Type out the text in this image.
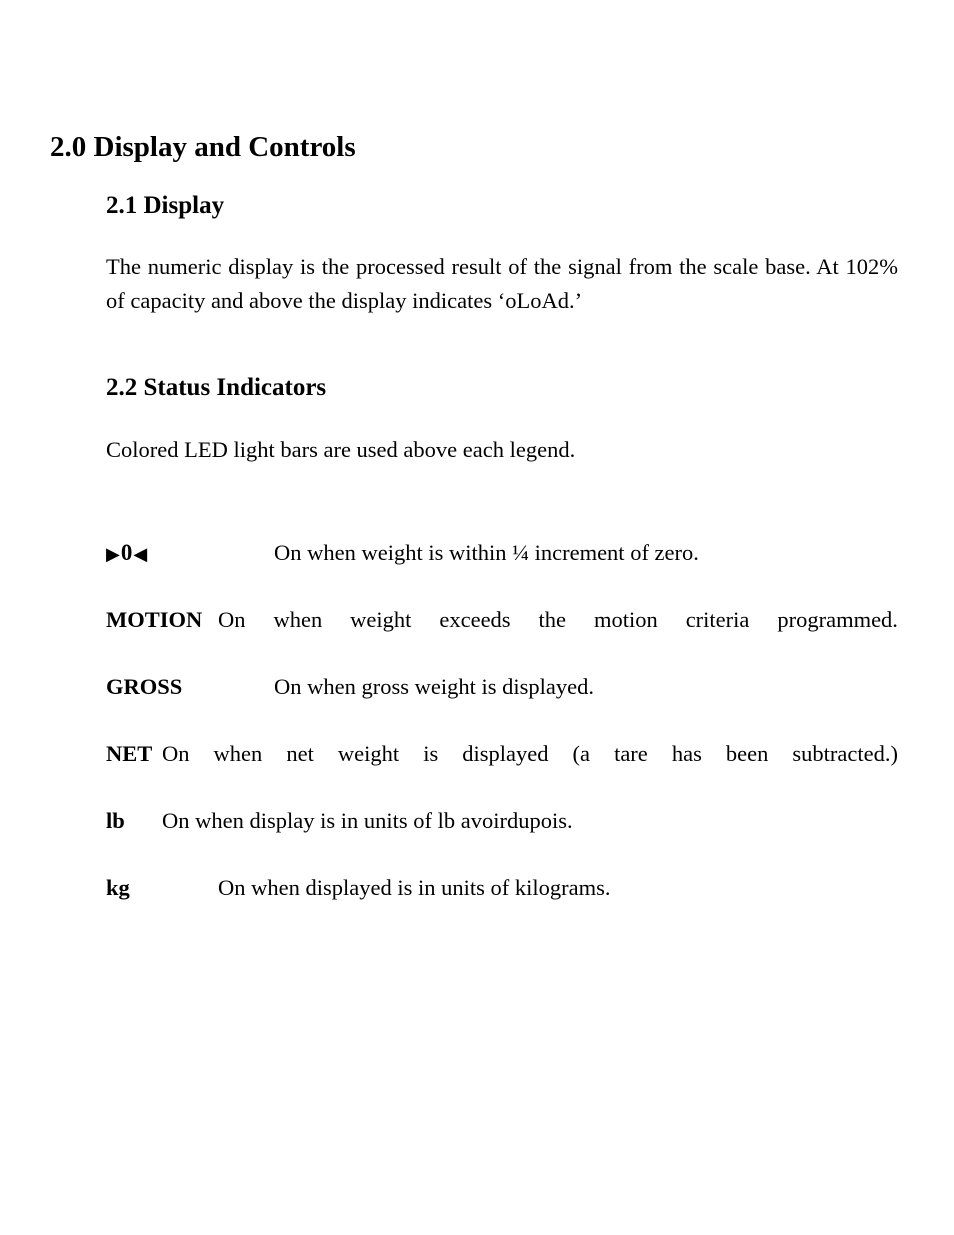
2.0 Display and Controls
2.1 Display
The numeric display is the processed result of the signal from the scale base. At 102% of capacity and above the display indicates ‘oLoAd.’
2.2 Status Indicators
Colored LED light bars are used above each legend.
▶0◀	On when weight is within ¼ increment of zero.
MOTION On when weight exceeds the motion criteria programmed.
GROSS	On when gross weight is displayed.
NET On when net weight is displayed (a tare has been subtracted.)
lb On when display is in units of lb avoirdupois.
kg	On when displayed is in units of kilograms.
